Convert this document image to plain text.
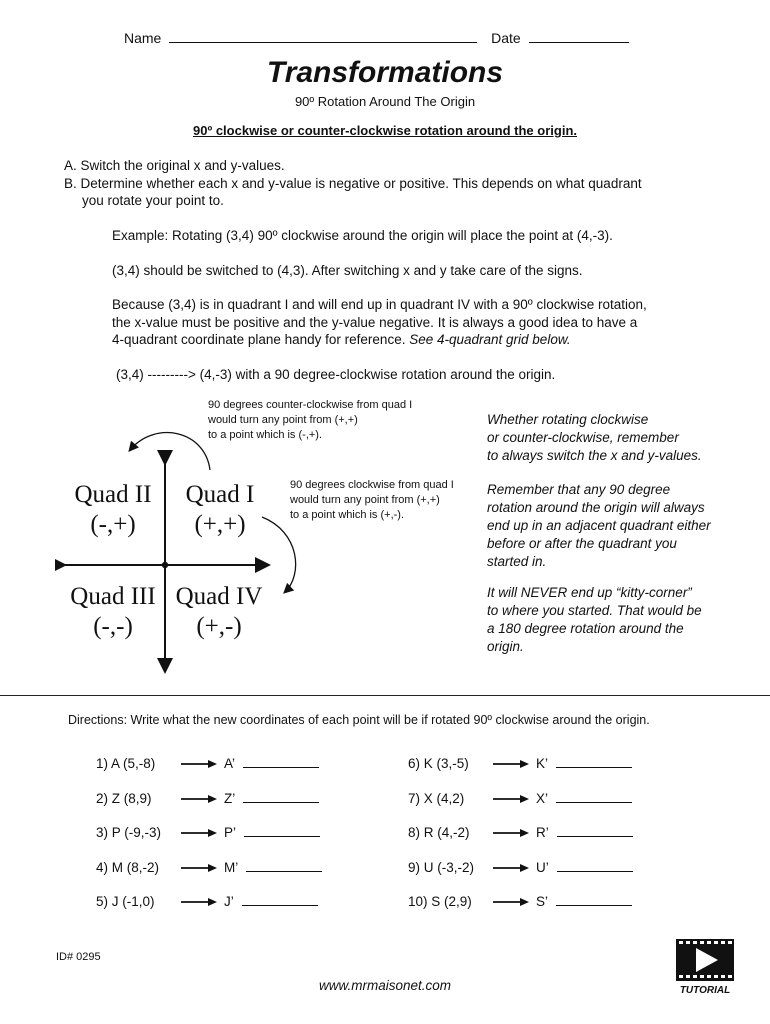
Name	Date
Transformations
90º Rotation Around The Origin
90º clockwise or counter-clockwise rotation around the origin.
A. Switch the original x and y-values.
B. Determine whether each x and y-value is negative or positive. This depends on what quadrant
you rotate your point to.
Example: Rotating (3,4) 90º clockwise around the origin will place the point at (4,-3).
(3,4) should be switched to (4,3). After switching x and y take care of the signs.
Because (3,4) is in quadrant I and will end up in quadrant IV with a 90º clockwise rotation,
the x-value must be positive and the y-value negative. It is always a good idea to have a
4-quadrant coordinate plane handy for reference. See 4-quadrant grid below.
(3,4) ---------> (4,-3) with a 90 degree-clockwise rotation around the origin.
90 degrees counter-clockwise from quad I
would turn any point from (+,+)
to a point which is (-,+).
90 degrees clockwise from quad I
would turn any point from (+,+)
to a point which is (+,-).
Quad II
(-,+)
Quad I
(+,+)
Quad III
(-,-)
Quad IV
(+,-)
Whether rotating clockwise
or counter-clockwise, remember
to always switch the x and y-values.
Remember that any 90 degree
rotation around the origin will always
end up in an adjacent quadrant either
before or after the quadrant you
started in.
It will NEVER end up “kitty-corner”
to where you started. That would be
a 180 degree rotation around the
origin.
Directions: Write what the new coordinates of each point will be if rotated 90º clockwise around the origin.
1) A (5,-8)	A’
2) Z (8,9)	Z’
3) P (-9,-3)	P’
4) M (8,-2)	M’
5) J (-1,0)	J’
6) K (3,-5)	K’
7) X (4,2)	X’
8) R (4,-2)	R’
9) U (-3,-2)	U’
10) S (2,9)	S’
ID# 0295
www.mrmaisonet.com	TUTORIAL
